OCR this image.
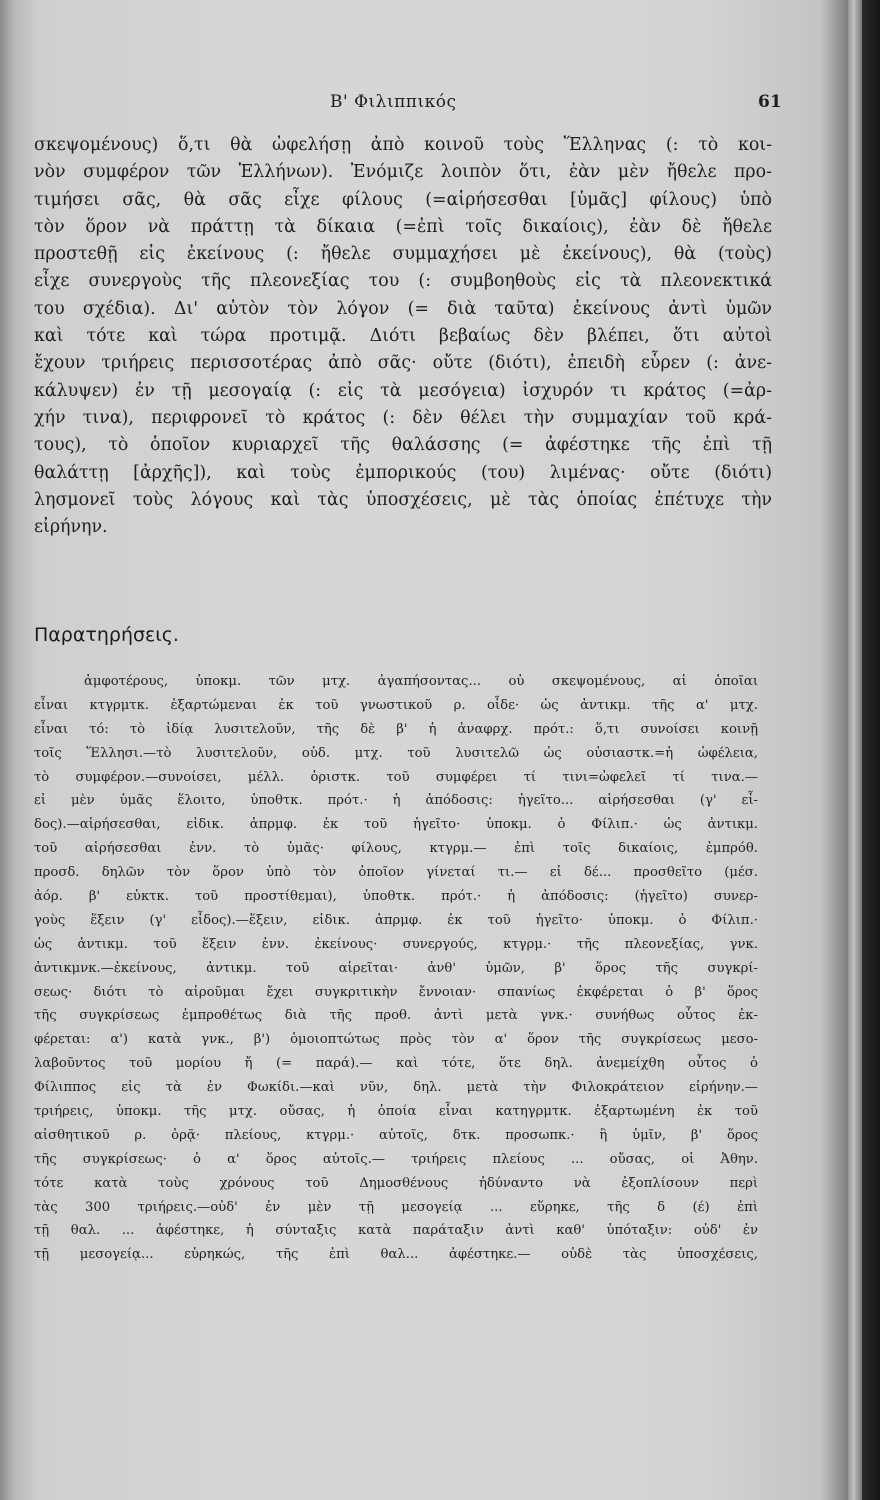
Β' Φιλιππικός	61
σκεψομένους) ὅ,τι θὰ ὠφελήσῃ ἀπὸ κοινοῦ τοὺς Ἕλληνας (: τὸ κοι-
νὸν συμφέρον τῶν Ἑλλήνων). Ἐνόμιζε λοιπὸν ὅτι, ἐὰν μὲν ἤθελε προ-
τιμήσει σᾶς, θὰ σᾶς εἶχε φίλους (=αἱρήσεσθαι [ὑμᾶς] φίλους) ὑπὸ
τὸν ὅρον νὰ πράττῃ τὰ δίκαια (=ἐπὶ τοῖς δικαίοις), ἐὰν δὲ ἤθελε
προστεθῇ εἰς ἐκείνους (: ἤθελε συμμαχήσει μὲ ἐκείνους), θὰ (τοὺς)
εἶχε συνεργοὺς τῆς πλεονεξίας του (: συμβοηθοὺς εἰς τὰ πλεονεκτικά
του σχέδια). Δι' αὐτὸν τὸν λόγον (= διὰ ταῦτα) ἐκείνους ἀντὶ ὑμῶν
καὶ τότε καὶ τώρα προτιμᾷ. Διότι βεβαίως δὲν βλέπει, ὅτι αὐτοὶ
ἔχουν τριήρεις περισσοτέρας ἀπὸ σᾶς· οὔτε (διότι), ἐπειδὴ εὗρεν (: ἀνε-
κάλυψεν) ἐν τῇ μεσογαίᾳ (: εἰς τὰ μεσόγεια) ἰσχυρόν τι κράτος (=ἀρ-
χήν τινα), περιφρονεῖ τὸ κράτος (: δὲν θέλει τὴν συμμαχίαν τοῦ κρά-
τους), τὸ ὁποῖον κυριαρχεῖ τῆς θαλάσσης (= ἀφέστηκε τῆς ἐπὶ τῇ
θαλάττῃ [ἀρχῆς]), καὶ τοὺς ἐμπορικούς (του) λιμένας· οὔτε (διότι)
λησμονεῖ τοὺς λόγους καὶ τὰς ὑποσχέσεις, μὲ τὰς ὁποίας ἐπέτυχε τὴν
εἰρήνην.
Παρατηρήσεις.
ἀμφοτέρους, ὑποκμ. τῶν μτχ. ἀγαπήσοντας... οὐ σκεψομένους, αἱ ὁποῖαι
εἶναι κτγρμτκ. ἐξαρτώμεναι ἐκ τοῦ γνωστικοῦ ρ. οἶδε· ὡς ἀντικμ. τῆς α' μτχ.
εἶναι τό: τὸ ἰδίᾳ λυσιτελοῦν, τῆς δὲ β' ἡ ἀναφρχ. πρότ.: ὅ,τι συνοίσει κοινῇ
τοῖς Ἕλλησι.—τὸ λυσιτελοῦν, οὐδ. μτχ. τοῦ λυσιτελῶ ὡς οὐσιαστκ.=ἡ ὠφέλεια,
τὸ συμφέρον.—συνοίσει, μέλλ. ὁριστκ. τοῦ συμφέρει τί τινι=ὠφελεῖ τί τινα.—
εἰ μὲν ὑμᾶς ἕλοιτο, ὑποθτκ. πρότ.· ἡ ἀπόδοσις: ἡγεῖτο... αἱρήσεσθαι (γ' εἶ-
δος).—αἱρήσεσθαι, εἰδικ. ἀπρμφ. ἐκ τοῦ ἡγεῖτο· ὑποκμ. ὁ Φίλιπ.· ὡς ἀντικμ.
τοῦ αἱρήσεσθαι ἐνν. τὸ ὑμᾶς· φίλους, κτγρμ.— ἐπὶ τοῖς δικαίοις, ἐμπρόθ.
προσδ. δηλῶν τὸν ὅρον ὑπὸ τὸν ὁποῖον γίνεταί τι.— εἰ δέ... προσθεῖτο (μέσ.
ἀόρ. β' εὐκτκ. τοῦ προστίθεμαι), ὑποθτκ. πρότ.· ἡ ἀπόδοσις: (ἡγεῖτο) συνερ-
γοὺς ἕξειν (γ' εἶδος).—ἕξειν, εἰδικ. ἀπρμφ. ἐκ τοῦ ἡγεῖτο· ὑποκμ. ὁ Φίλιπ.·
ὡς ἀντικμ. τοῦ ἕξειν ἐνν. ἐκείνους· συνεργούς, κτγρμ.· τῆς πλεονεξίας, γνκ.
ἀντικμνκ.—ἐκείνους, ἀντικμ. τοῦ αἱρεῖται· ἀνθ' ὑμῶν, β' ὅρος τῆς συγκρί-
σεως· διότι τὸ αἱροῦμαι ἔχει συγκριτικὴν ἔννοιαν· σπανίως ἐκφέρεται ὁ β' ὅρος
τῆς συγκρίσεως ἐμπροθέτως διὰ τῆς προθ. ἀντὶ μετὰ γνκ.· συνήθως οὗτος ἐκ-
φέρεται: α') κατὰ γνκ., β') ὁμοιοπτώτως πρὸς τὸν α' ὅρον τῆς συγκρίσεως μεσο-
λαβοῦντος τοῦ μορίου ἤ (= παρά).— καὶ τότε, ὅτε δηλ. ἀνεμείχθη οὗτος ὁ
Φίλιππος εἰς τὰ ἐν Φωκίδι.—καὶ νῦν, δηλ. μετὰ τὴν Φιλοκράτειον εἰρήνην.—
τριήρεις, ὑποκμ. τῆς μτχ. οὔσας, ἡ ὁποία εἶναι κατηγρμτκ. ἐξαρτωμένη ἐκ τοῦ
αἰσθητικοῦ ρ. ὁρᾷ· πλείους, κτγρμ.· αὐτοῖς, δτκ. προσωπκ.· ἢ ὑμῖν, β' ὅρος
τῆς συγκρίσεως· ὁ α' ὅρος αὐτοῖς.— τριήρεις πλείους ... οὔσας, οἱ Ἀθην.
τότε κατὰ τοὺς χρόνους τοῦ Δημοσθένους ἠδύναντο νὰ ἐξοπλίσουν περὶ
τὰς 300 τριήρεις.—οὐδ' ἐν μὲν τῇ μεσογείᾳ ... εὕρηκε, τῆς δ (έ) ἐπὶ
τῇ θαλ. ... ἀφέστηκε, ἡ σύνταξις κατὰ παράταξιν ἀντὶ καθ' ὑπόταξιν: οὐδ' ἐν
τῇ μεσογείᾳ... εὑρηκώς, τῆς ἐπὶ θαλ... ἀφέστηκε.— οὐδὲ τὰς ὑποσχέσεις,
